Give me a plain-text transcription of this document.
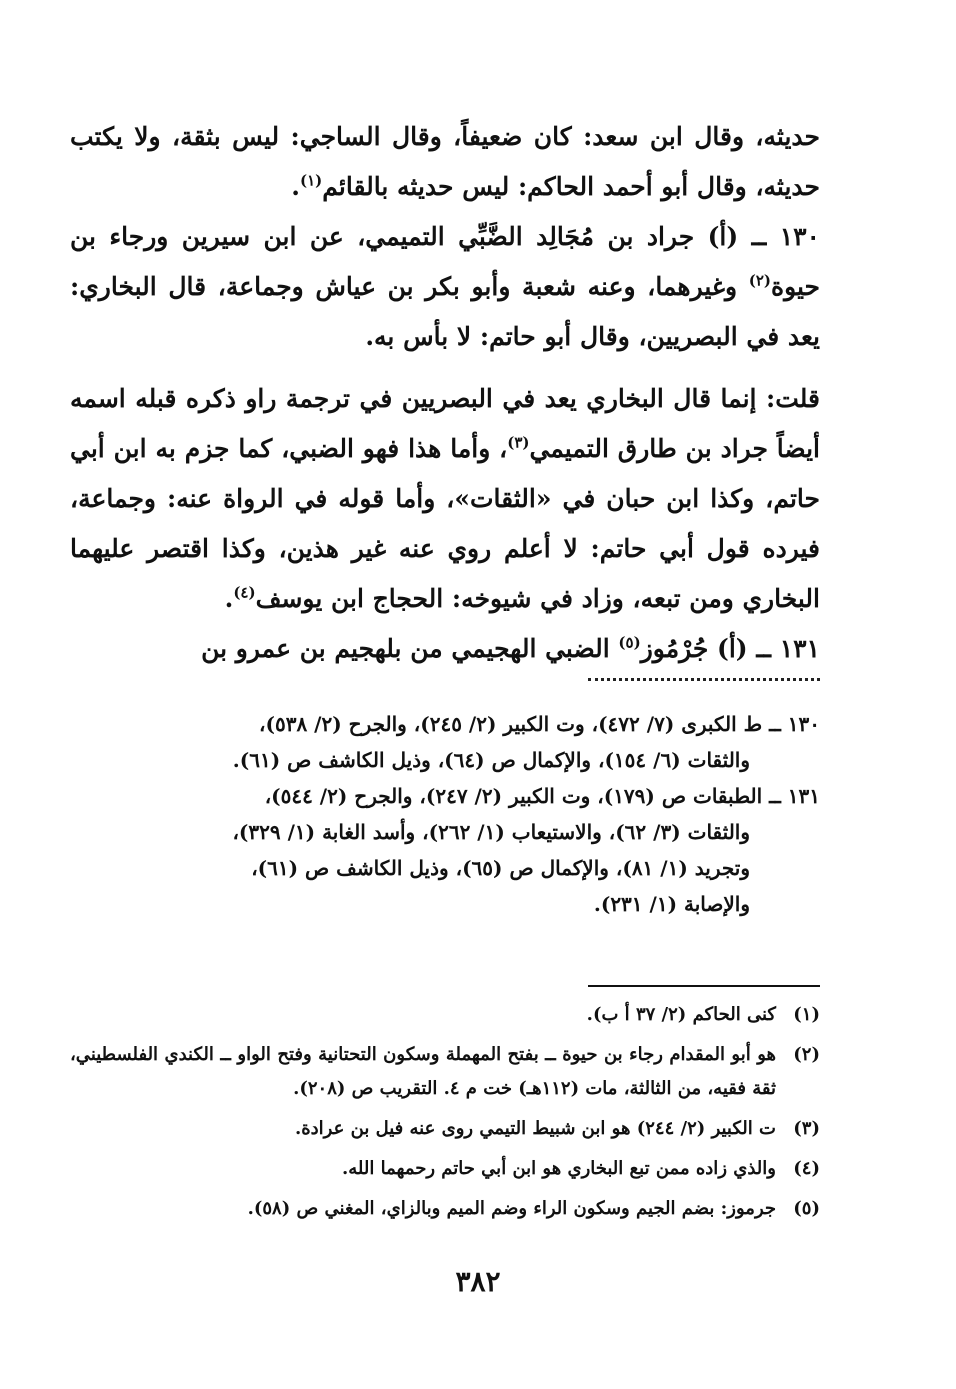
حديثه، وقال ابن سعد: كان ضعيفاً، وقال الساجي: ليس بثقة، ولا يكتب حديثه، وقال أبو أحمد الحاكم: ليس حديثه بالقائم$^{(١)}$.

١٣٠ ــ (أ) جراد بن مُجَالِد الضَّبِّي التميمي، عن ابن سيرين ورجاء بن حيوة$^{(٢)}$ وغيرهما، وعنه شعبة وأبو بكر بن عياش وجماعة، قال البخاري: يعد في البصريين، وقال أبو حاتم: لا بأس به.

قلت: إنما قال البخاري يعد في البصريين في ترجمة راو ذكره قبله اسمه أيضاً جراد بن طارق التميمي$^{(٣)}$، وأما هذا فهو الضبي، كما جزم به ابن أبي حاتم، وكذا ابن حبان في «الثقات»، وأما قوله في الرواة عنه: وجماعة، فيرده قول أبي حاتم: لا أعلم روي عنه غير هذين، وكذا اقتصر عليهما البخاري ومن تبعه، وزاد في شيوخه: الحجاج ابن يوسف$^{(٤)}$.

١٣١ ــ (أ) جُرْمُوز$^{(٥)}$ الضبي الهجيمي من بلهجيم بن عمرو بن

١٣٠ ــ ط الكبرى (٧/ ٤٧٢)، وت الكبير (٢/ ٢٤٥)، والجرح (٢/ ٥٣٨)،

والثقات (٦/ ١٥٤)، والإكمال ص (٦٤)، وذيل الكاشف ص (٦١).

١٣١ ــ الطبقات ص (١٧٩)، وت الكبير (٢/ ٢٤٧)، والجرح (٢/ ٥٤٤)،

والثقات (٣/ ٦٢)، والاستيعاب (١/ ٢٦٢)، وأسد الغابة (١/ ٣٢٩)،

وتجريد (١/ ٨١)، والإكمال ص (٦٥)، وذيل الكاشف ص (٦١)،

والإصابة (١/ ٢٣١).

(١)
كنى الحاكم (٢/ ٣٧ أ ب).
(٢)
هو أبو المقدام رجاء بن حيوة ــ بفتح المهملة وسكون التحتانية وفتح الواو ــ الكندي الفلسطيني، ثقة فقيه، من الثالثة، مات (١١٢هـ) خت م ٤. التقريب ص (٢٠٨).
(٣)
ت الكبير (٢/ ٢٤٤) هو ابن شبيط التيمي روى عنه فيل بن عرادة.
(٤)
والذي زاده ممن تبع البخاري هو ابن أبي حاتم رحمهما الله.
(٥)
جرموز: بضم الجيم وسكون الراء وضم الميم وبالزاي، المغني ص (٥٨).
٣٨٢
